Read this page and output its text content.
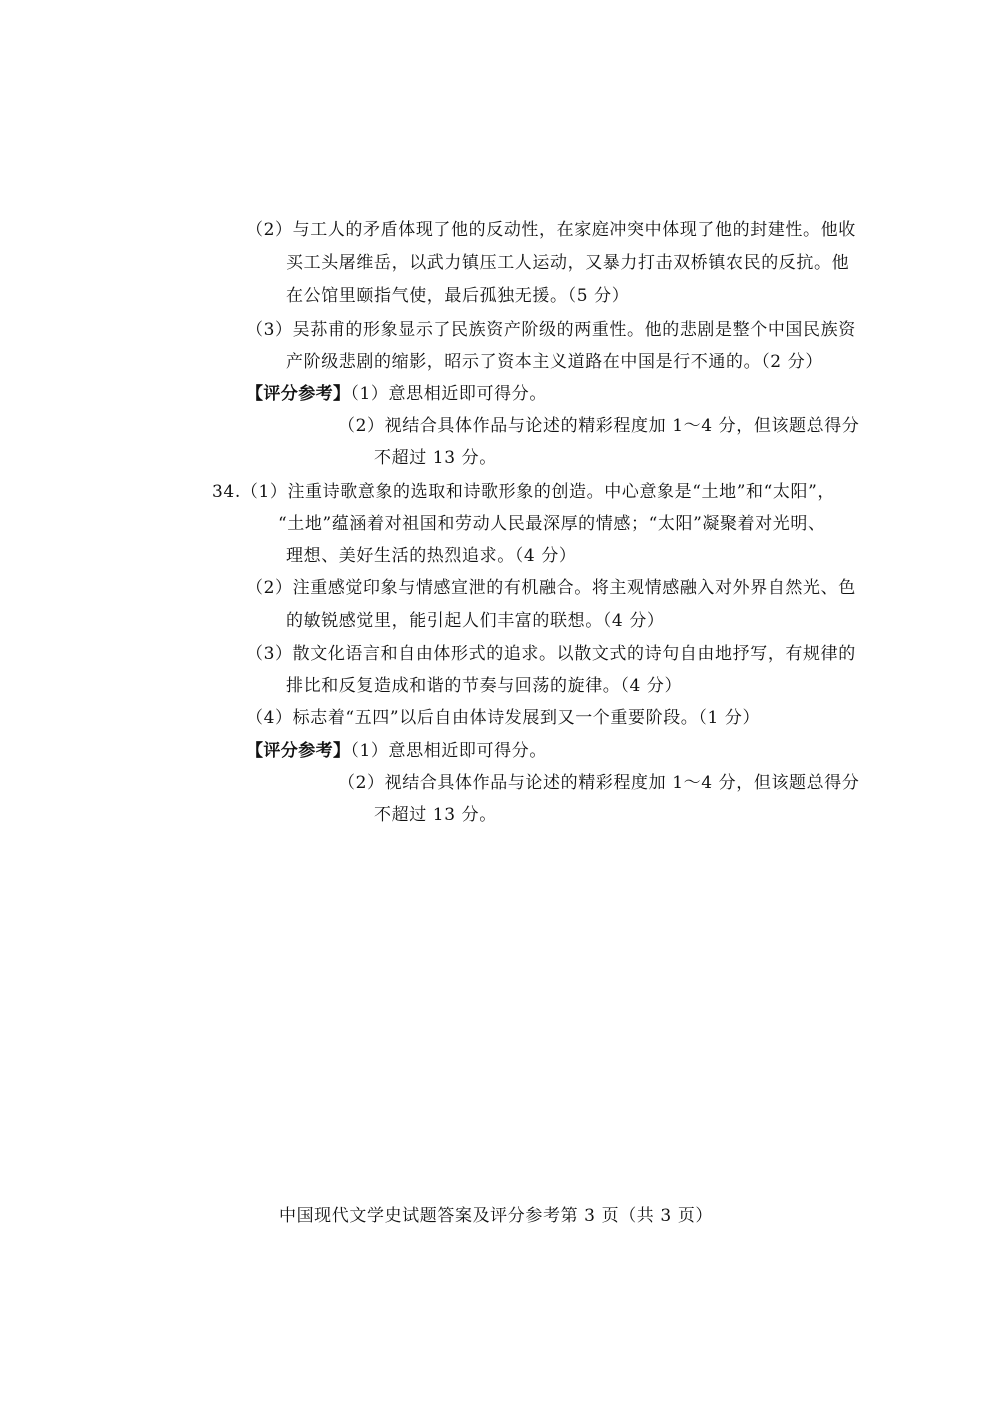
（2）与工人的矛盾体现了他的反动性，在家庭冲突中体现了他的封建性。他收
买工头屠维岳，以武力镇压工人运动，又暴力打击双桥镇农民的反抗。他
在公馆里颐指气使，最后孤独无援。（5 分）
（3）吴荪甫的形象显示了民族资产阶级的两重性。他的悲剧是整个中国民族资
产阶级悲剧的缩影，昭示了资本主义道路在中国是行不通的。（2 分）
【评分参考】（1）意思相近即可得分。
（2）视结合具体作品与论述的精彩程度加 1～4 分，但该题总得分
不超过 13 分。
34.（1）注重诗歌意象的选取和诗歌形象的创造。中心意象是“土地”和“太阳”，
“土地”蕴涵着对祖国和劳动人民最深厚的情感；“太阳”凝聚着对光明、
理想、美好生活的热烈追求。（4 分）
（2）注重感觉印象与情感宣泄的有机融合。将主观情感融入对外界自然光、色
的敏锐感觉里，能引起人们丰富的联想。（4 分）
（3）散文化语言和自由体形式的追求。以散文式的诗句自由地抒写，有规律的
排比和反复造成和谐的节奏与回荡的旋律。（4 分）
（4）标志着“五四”以后自由体诗发展到又一个重要阶段。（1 分）
【评分参考】（1）意思相近即可得分。
（2）视结合具体作品与论述的精彩程度加 1～4 分，但该题总得分
不超过 13 分。
中国现代文学史试题答案及评分参考第 3 页（共 3 页）
